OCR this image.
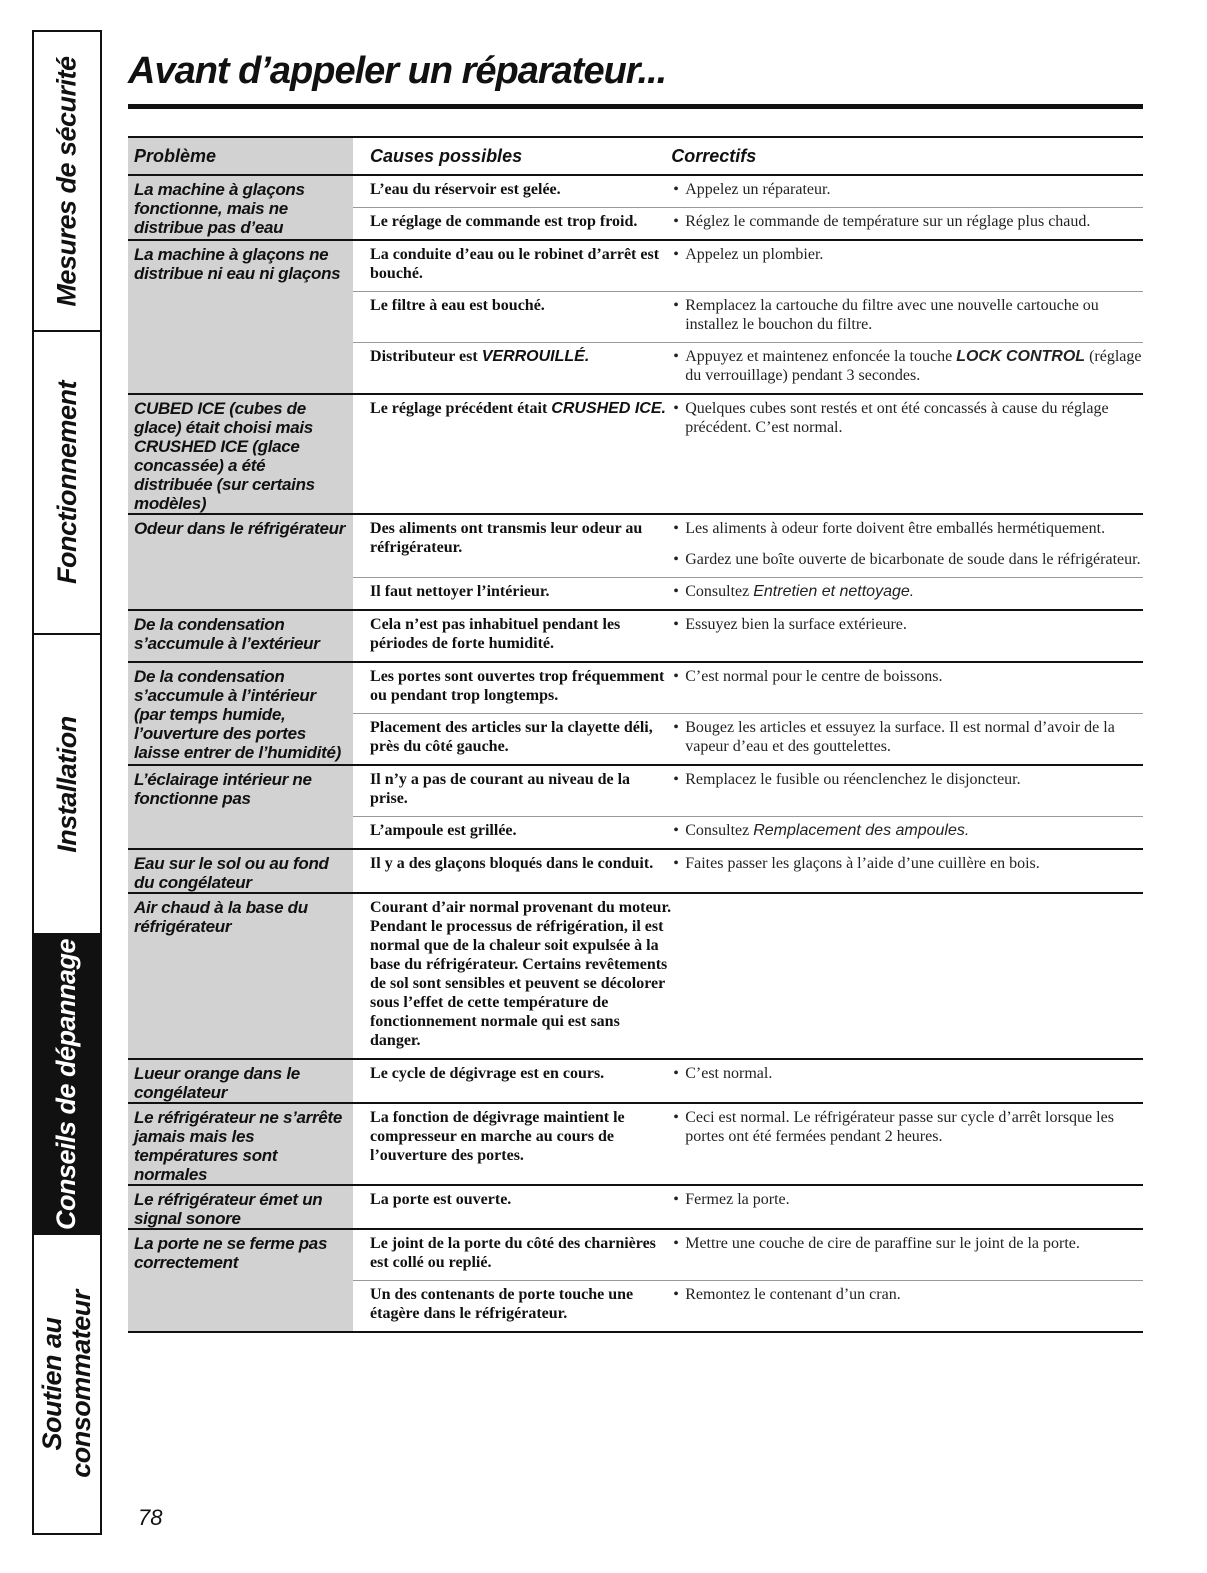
Mesures de sécurité
Fonctionnement
Installation
Conseils de dépannage
Soutien au
consommateur
Avant d’appeler un réparateur...
Problème	Causes possibles	Correctifs

La machine à glaçons fonctionne, mais ne distribue pas d’eau	L’eau du réservoir est gelée.	• Appelez un réparateur.

	Le réglage de commande est trop froid.	• Réglez le commande de température sur un réglage plus chaud.

La machine à glaçons ne distribue ni eau ni glaçons	La conduite d’eau ou le robinet d’arrêt est bouché.	• Appelez un plombier.

	Le filtre à eau est bouché.	• Remplacez la cartouche du filtre avec une nouvelle cartouche ou installez le bouchon du filtre.

	Distributeur est VERROUILLÉ.	• Appuyez et maintenez enfoncée la touche LOCK CONTROL (réglage du verrouillage) pendant 3 secondes.

CUBED ICE (cubes de glace) était choisi mais CRUSHED ICE (glace concassée) a été distribuée (sur certains modèles)	Le réglage précédent était CRUSHED ICE.	• Quelques cubes sont restés et ont été concassés à cause du réglage précédent. C’est normal.

Odeur dans le réfrigérateur	Des aliments ont transmis leur odeur au réfrigérateur.	• Les aliments à odeur forte doivent être emballés hermétiquement.
• Gardez une boîte ouverte de bicarbonate de soude dans le réfrigérateur.

	Il faut nettoyer l’intérieur.	• Consultez Entretien et nettoyage.

De la condensation s’accumule à l’extérieur	Cela n’est pas inhabituel pendant les périodes de forte humidité.	• Essuyez bien la surface extérieure.

De la condensation s’accumule à l’intérieur (par temps humide, l’ouverture des portes laisse entrer de l’humidité)	Les portes sont ouvertes trop fréquemment ou pendant trop longtemps.	• C’est normal pour le centre de boissons.

	Placement des articles sur la clayette déli, près du côté gauche.	• Bougez les articles et essuyez la surface. Il est normal d’avoir de la vapeur d’eau et des gouttelettes.

L’éclairage intérieur ne fonctionne pas	Il n’y a pas de courant au niveau de la prise.	• Remplacez le fusible ou réenclenchez le disjoncteur.

	L’ampoule est grillée.	• Consultez Remplacement des ampoules.

Eau sur le sol ou au fond du congélateur	Il y a des glaçons bloqués dans le conduit.	• Faites passer les glaçons à l’aide d’une cuillère en bois.

Air chaud à la base du réfrigérateur	Courant d’air normal provenant du moteur. Pendant le processus de réfrigération, il est normal que de la chaleur soit expulsée à la base du réfrigérateur. Certains revêtements de sol sont sensibles et peuvent se décolorer sous l’effet de cette température de fonctionnement normale qui est sans danger.	

Lueur orange dans le congélateur	Le cycle de dégivrage est en cours.	• C’est normal.

Le réfrigérateur ne s’arrête jamais mais les températures sont normales	La fonction de dégivrage maintient le compresseur en marche au cours de l’ouverture des portes.	• Ceci est normal. Le réfrigérateur passe sur cycle d’arrêt lorsque les portes ont été fermées pendant 2 heures.

Le réfrigérateur émet un signal sonore	La porte est ouverte.	• Fermez la porte.

La porte ne se ferme pas correctement	Le joint de la porte du côté des charnières est collé ou replié.	• Mettre une couche de cire de paraffine sur le joint de la porte.

	Un des contenants de porte touche une étagère dans le réfrigérateur.	• Remontez le contenant d’un cran.

78
